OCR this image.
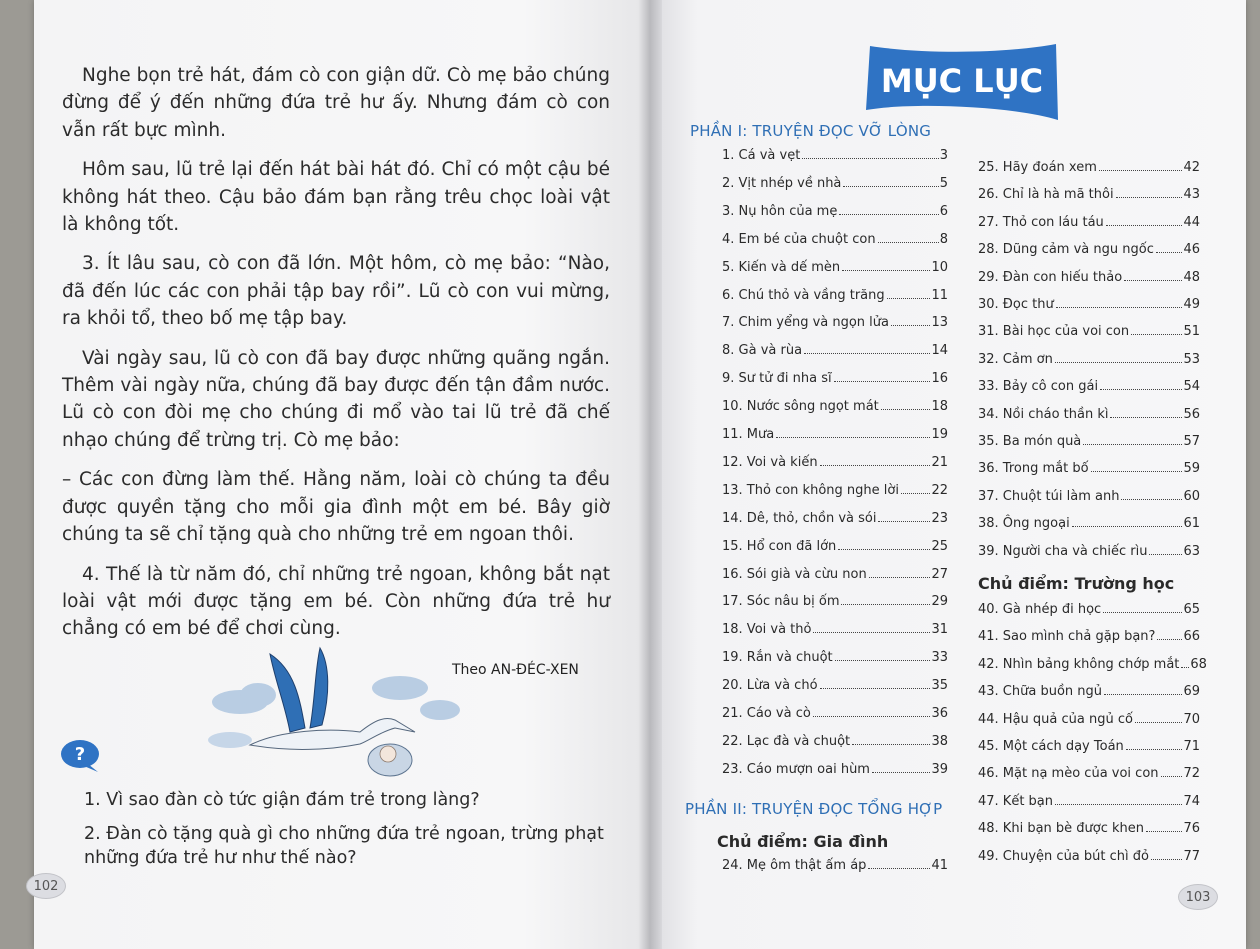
Nghe bọn trẻ hát, đám cò con giận dữ. Cò mẹ bảo chúng đừng để ý đến những đứa trẻ hư ấy. Nhưng đám cò con vẫn rất bực mình.

Hôm sau, lũ trẻ lại đến hát bài hát đó. Chỉ có một cậu bé không hát theo. Cậu bảo đám bạn rằng trêu chọc loài vật là không tốt.

3. Ít lâu sau, cò con đã lớn. Một hôm, cò mẹ bảo: “Nào, đã đến lúc các con phải tập bay rồi”. Lũ cò con vui mừng, ra khỏi tổ, theo bố mẹ tập bay.

Vài ngày sau, lũ cò con đã bay được những quãng ngắn. Thêm vài ngày nữa, chúng đã bay được đến tận đầm nước. Lũ cò con đòi mẹ cho chúng đi mổ vào tai lũ trẻ đã chế nhạo chúng để trừng trị. Cò mẹ bảo:

– Các con đừng làm thế. Hằng năm, loài cò chúng ta đều được quyền tặng cho mỗi gia đình một em bé. Bây giờ chúng ta sẽ chỉ tặng quà cho những trẻ em ngoan thôi.

4. Thế là từ năm đó, chỉ những trẻ ngoan, không bắt nạt loài vật mới được tặng em bé. Còn những đứa trẻ hư chẳng có em bé để chơi cùng.

Theo AN-ĐÉC-XEN
?

1. Vì sao đàn cò tức giận đám trẻ trong làng?

2. Đàn cò tặng quà gì cho những đứa trẻ ngoan, trừng phạt những đứa trẻ hư như thế nào?

102
MỤC LỤC
PHẦN I: TRUYỆN ĐỌC VỠ LÒNG
PHẦN II: TRUYỆN ĐỌC TỔNG HỢP
Chủ điểm: Gia đình
Chủ điểm: Trường học
1. Cá và vẹt	3
2. Vịt nhép về nhà	5
3. Nụ hôn của mẹ	6
4. Em bé của chuột con	8
5. Kiến và dế mèn	10
6. Chú thỏ và vầng trăng	11
7. Chim yểng và ngọn lửa	13
8. Gà và rùa	14
9. Sư tử đi nha sĩ	16
10. Nước sông ngọt mát	18
11. Mưa	19
12. Voi và kiến	21
13. Thỏ con không nghe lời	22
14. Dê, thỏ, chồn và sói	23
15. Hổ con đã lớn	25
16. Sói già và cừu non	27
17. Sóc nâu bị ốm	29
18. Voi và thỏ	31
19. Rắn và chuột	33
20. Lừa và chó	35
21. Cáo và cò	36
22. Lạc đà và chuột	38
23. Cáo mượn oai hùm	39
24. Mẹ ôm thật ấm áp	41
25. Hãy đoán xem	42
26. Chỉ là hà mã thôi	43
27. Thỏ con láu táu	44
28. Dũng cảm và ngu ngốc 46
29. Đàn con hiếu thảo	48
30. Đọc thư	49
31. Bài học của voi con	51
32. Cảm ơn	53
33. Bảy cô con gái	54
34. Nồi cháo thần kì	56
35. Ba món quà	57
36. Trong mắt bố	59
37. Chuột túi làm anh	60
38. Ông ngoại	61
39. Người cha và chiếc rìu	63
40. Gà nhép đi học	65
41. Sao mình chả gặp bạn? 66
42. Nhìn bảng không chớp mắt 68
43. Chữa buồn ngủ	69
44. Hậu quả của ngủ cố	70
45. Một cách dạy Toán	71
46. Mặt nạ mèo của voi con 72
47. Kết bạn	74
48. Khi bạn bè được khen	76
49. Chuyện của bút chì đỏ	77
103
